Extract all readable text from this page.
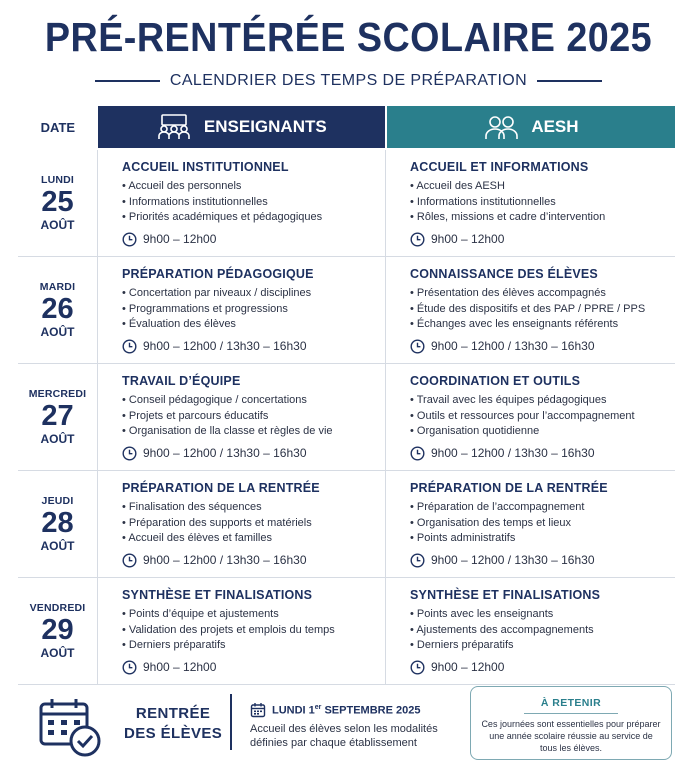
PRÉ-RENTÉRÉE SCOLAIRE 2025
CALENDRIER DES TEMPS DE PRÉPARATION
DATE	ENSEIGNANTS	AESH
LUNDI
25
AOÛT
ACCUEIL INSTITUTIONNEL
• Accueil des personnels
• Informations institutionnelles
• Priorités académiques et pédagogiques
9h00 – 12h00
ACCUEIL ET INFORMATIONS
• Accueil des AESH
• Informations institutionnelles
• Rôles, missions et cadre d’intervention
9h00 – 12h00
MARDI
26
AOÛT
PRÉPARATION PÉDAGOGIQUE
• Concertation par niveaux / disciplines
• Programmations et progressions
• Évaluation des élèves
9h00 – 12h00 / 13h30 – 16h30
CONNAISSANCE DES ÉLÈVES
• Présentation des élèves accompagnés
• Étude des dispositifs et des PAP / PPRE / PPS
• Échanges avec les enseignants référents
9h00 – 12h00 / 13h30 – 16h30
MERCREDI
27
AOÛT
TRAVAIL D’ÉQUIPE
• Conseil pédagogique / concertations
• Projets et parcours éducatifs
• Organisation de lla classe et règles de vie
9h00 – 12h00 / 13h30 – 16h30
COORDINATION ET OUTILS
• Travail avec les équipes pédagogiques
• Outils et ressources pour l’accompagnement
• Organisation quotidienne
9h00 – 12h00 / 13h30 – 16h30
JEUDI
28
AOÛT
PRÉPARATION DE LA RENTRÉE
• Finalisation des séquences
• Préparation des supports et matériels
• Accueil des élèves et familles
9h00 – 12h00 / 13h30 – 16h30
PRÉPARATION DE LA RENTRÉE
• Préparation de l’accompagnement
• Organisation des temps et lieux
• Points administratifs
9h00 – 12h00 / 13h30 – 16h30
VENDREDI
29
AOÛT
SYNTHÈSE ET FINALISATIONS
• Points d’équipe et ajustements
• Validation des projets et emplois du temps
• Derniers préparatifs
9h00 – 12h00
SYNTHÈSE ET FINALISATIONS
• Points avec les enseignants
• Ajustements des accompagnements
• Derniers préparatifs
9h00 – 12h00
RENTRÉE
DES ÉLÈVES
LUNDI 1er SEPTEMBRE 2025
Accueil des élèves selon les modalités définies par chaque établissement
À RETENIR
Ces journées sont essentielles pour préparer une année scolaire réussie au service de tous les élèves.
